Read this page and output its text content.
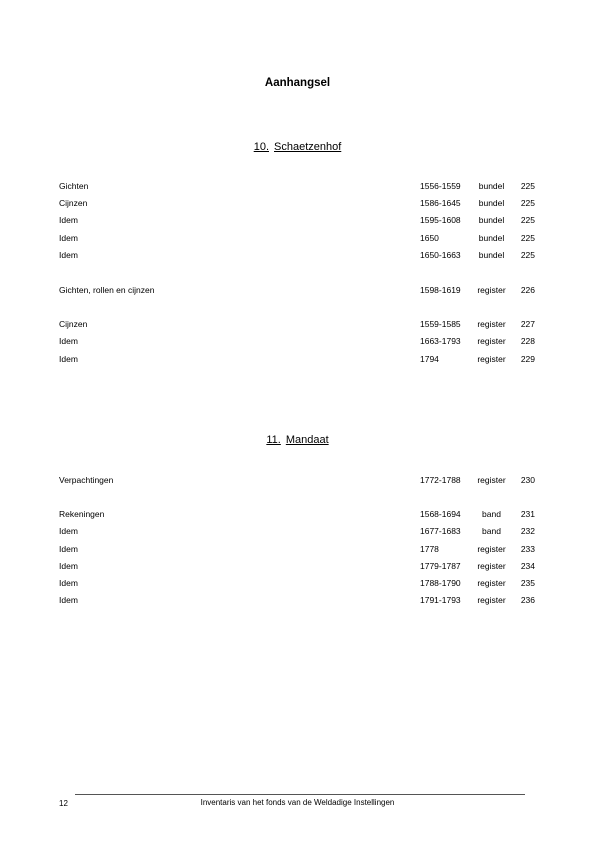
Aanhangsel
10. Schaetzenhof
Gichten	1556-1559	bundel	225
Cijnzen	1586-1645	bundel	225
Idem	1595-1608	bundel	225
Idem	1650	bundel	225
Idem	1650-1663	bundel	225
Gichten, rollen en cijnzen	1598-1619 register	226
Cijnzen	1559-1585 register	227
Idem	1663-1793 register	228
Idem	1794	register	229
11. Mandaat
Verpachtingen	1772-1788 register	230
Rekeningen	1568-1694	band	231
Idem	1677-1683	band	232
Idem	1778	register	233
Idem	1779-1787 register	234
Idem	1788-1790 register	235
Idem	1791-1793 register	236
12	Inventaris van het fonds van de Weldadige Instellingen
